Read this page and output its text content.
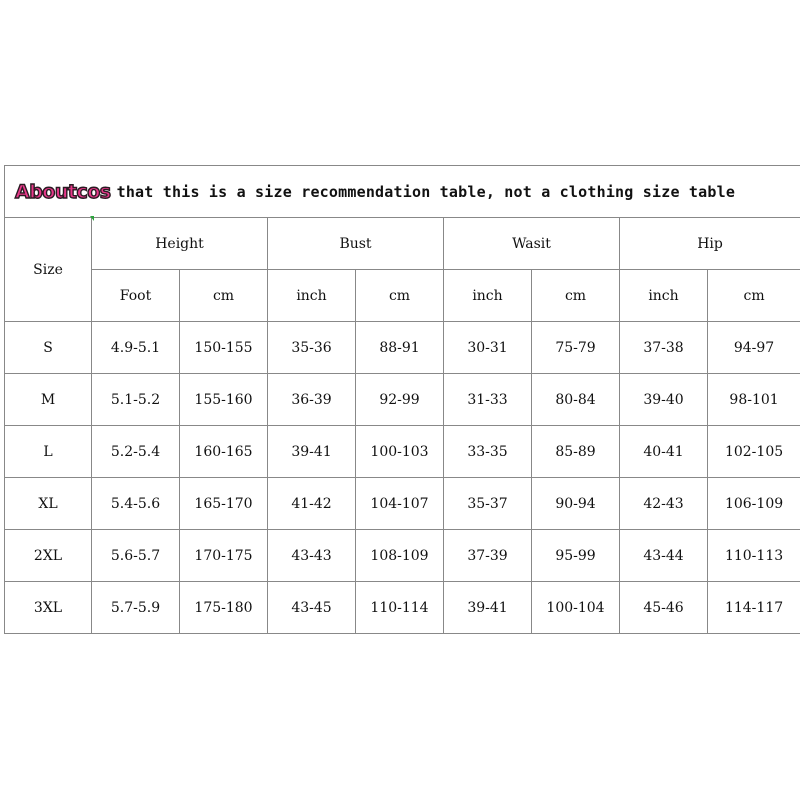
Aboutcos that this is a size recommendation table, not a clothing size table								
Size	Height		Bust		Wasit		Hip	
	Foot	cm	inch	cm	inch	cm	inch	cm
S	4.9-5.1	150-155	35-36	88-91	30-31	75-79	37-38	94-97
M	5.1-5.2	155-160	36-39	92-99	31-33	80-84	39-40	98-101
L	5.2-5.4	160-165	39-41	100-103	33-35	85-89	40-41	102-105
XL	5.4-5.6	165-170	41-42	104-107	35-37	90-94	42-43	106-109
2XL	5.6-5.7	170-175	43-43	108-109	37-39	95-99	43-44	110-113
3XL	5.7-5.9	175-180	43-45	110-114	39-41	100-104	45-46	114-117
